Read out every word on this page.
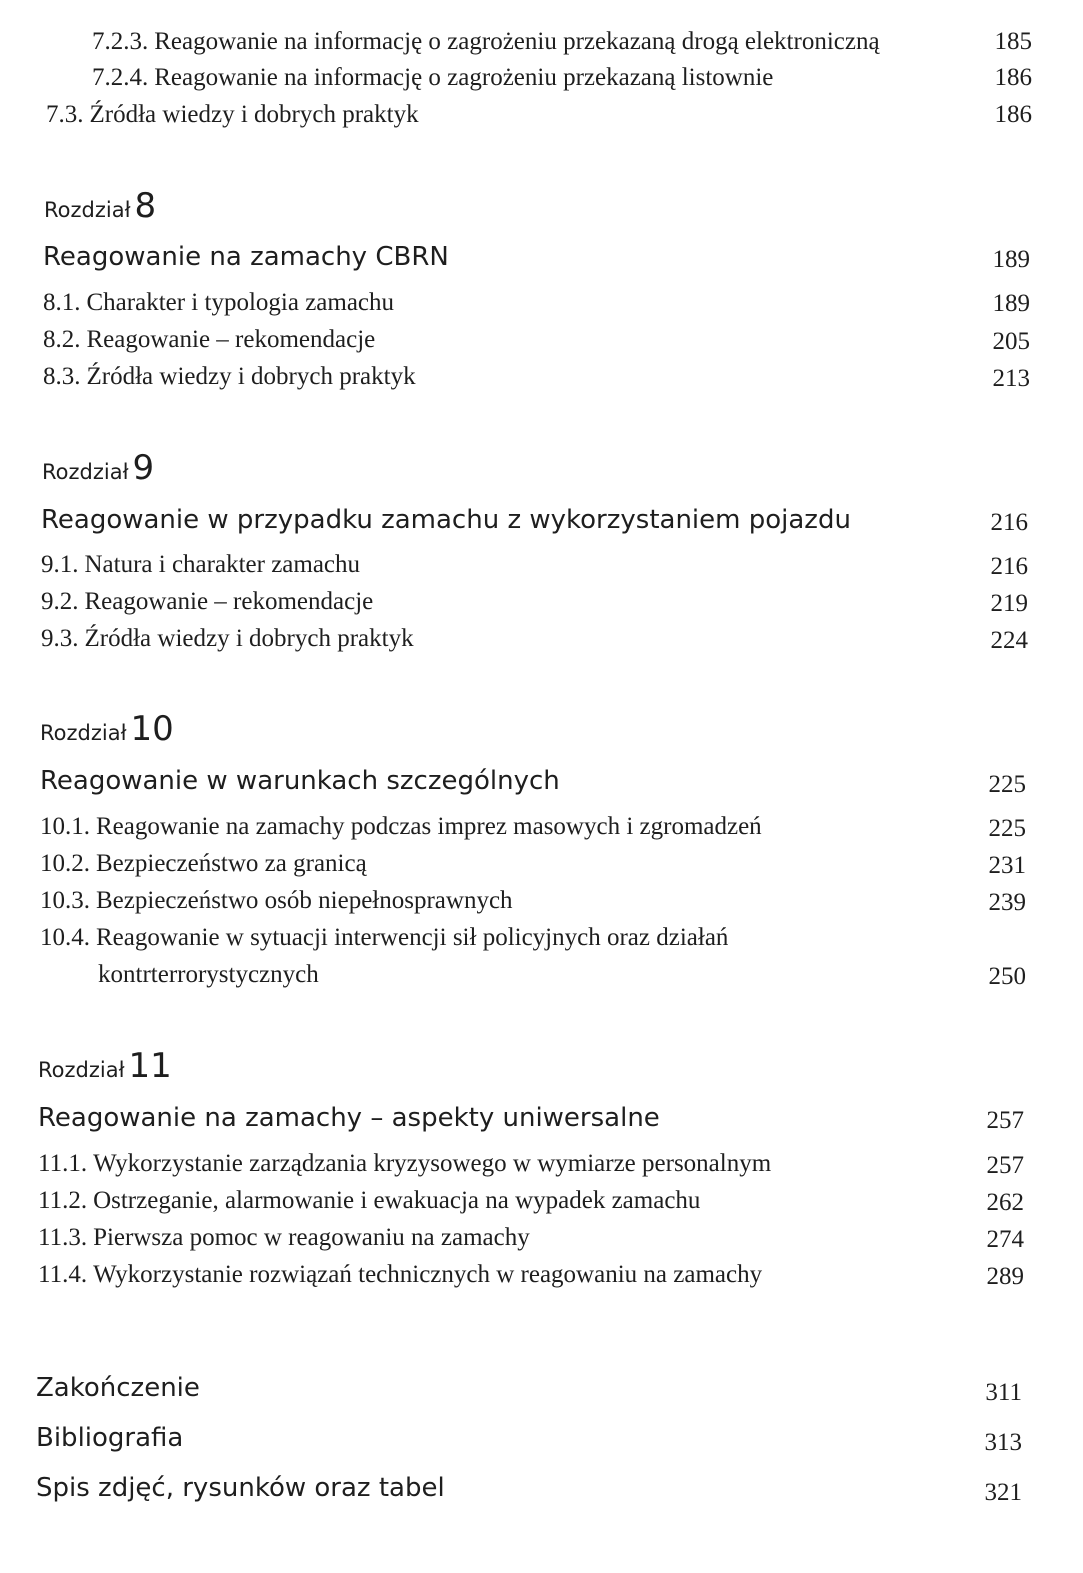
7.2.3. Reagowanie na informację o zagrożeniu przekazaną drogą elektroniczną	185
7.2.4. Reagowanie na informację o zagrożeniu przekazaną listownie	186
7.3. Źródła wiedzy i dobrych praktyk	186
Rozdział 8
Reagowanie na zamachy CBRN	189
8.1. Charakter i typologia zamachu	189
8.2. Reagowanie – rekomendacje	205
8.3. Źródła wiedzy i dobrych praktyk	213
Rozdział 9
Reagowanie w przypadku zamachu z wykorzystaniem pojazdu	216
9.1. Natura i charakter zamachu	216
9.2. Reagowanie – rekomendacje	219
9.3. Źródła wiedzy i dobrych praktyk	224
Rozdział 10
Reagowanie w warunkach szczególnych	225
10.1. Reagowanie na zamachy podczas imprez masowych i zgromadzeń	225
10.2. Bezpieczeństwo za granicą	231
10.3. Bezpieczeństwo osób niepełnosprawnych	239
10.4. Reagowanie w sytuacji interwencji sił policyjnych oraz działań
kontrterrorystycznych	250
Rozdział 11
Reagowanie na zamachy – aspekty uniwersalne	257
11.1. Wykorzystanie zarządzania kryzysowego w wymiarze personalnym	257
11.2. Ostrzeganie, alarmowanie i ewakuacja na wypadek zamachu	262
11.3. Pierwsza pomoc w reagowaniu na zamachy	274
11.4. Wykorzystanie rozwiązań technicznych w reagowaniu na zamachy	289
Zakończenie	311
Bibliografia	313
Spis zdjęć, rysunków oraz tabel	321
